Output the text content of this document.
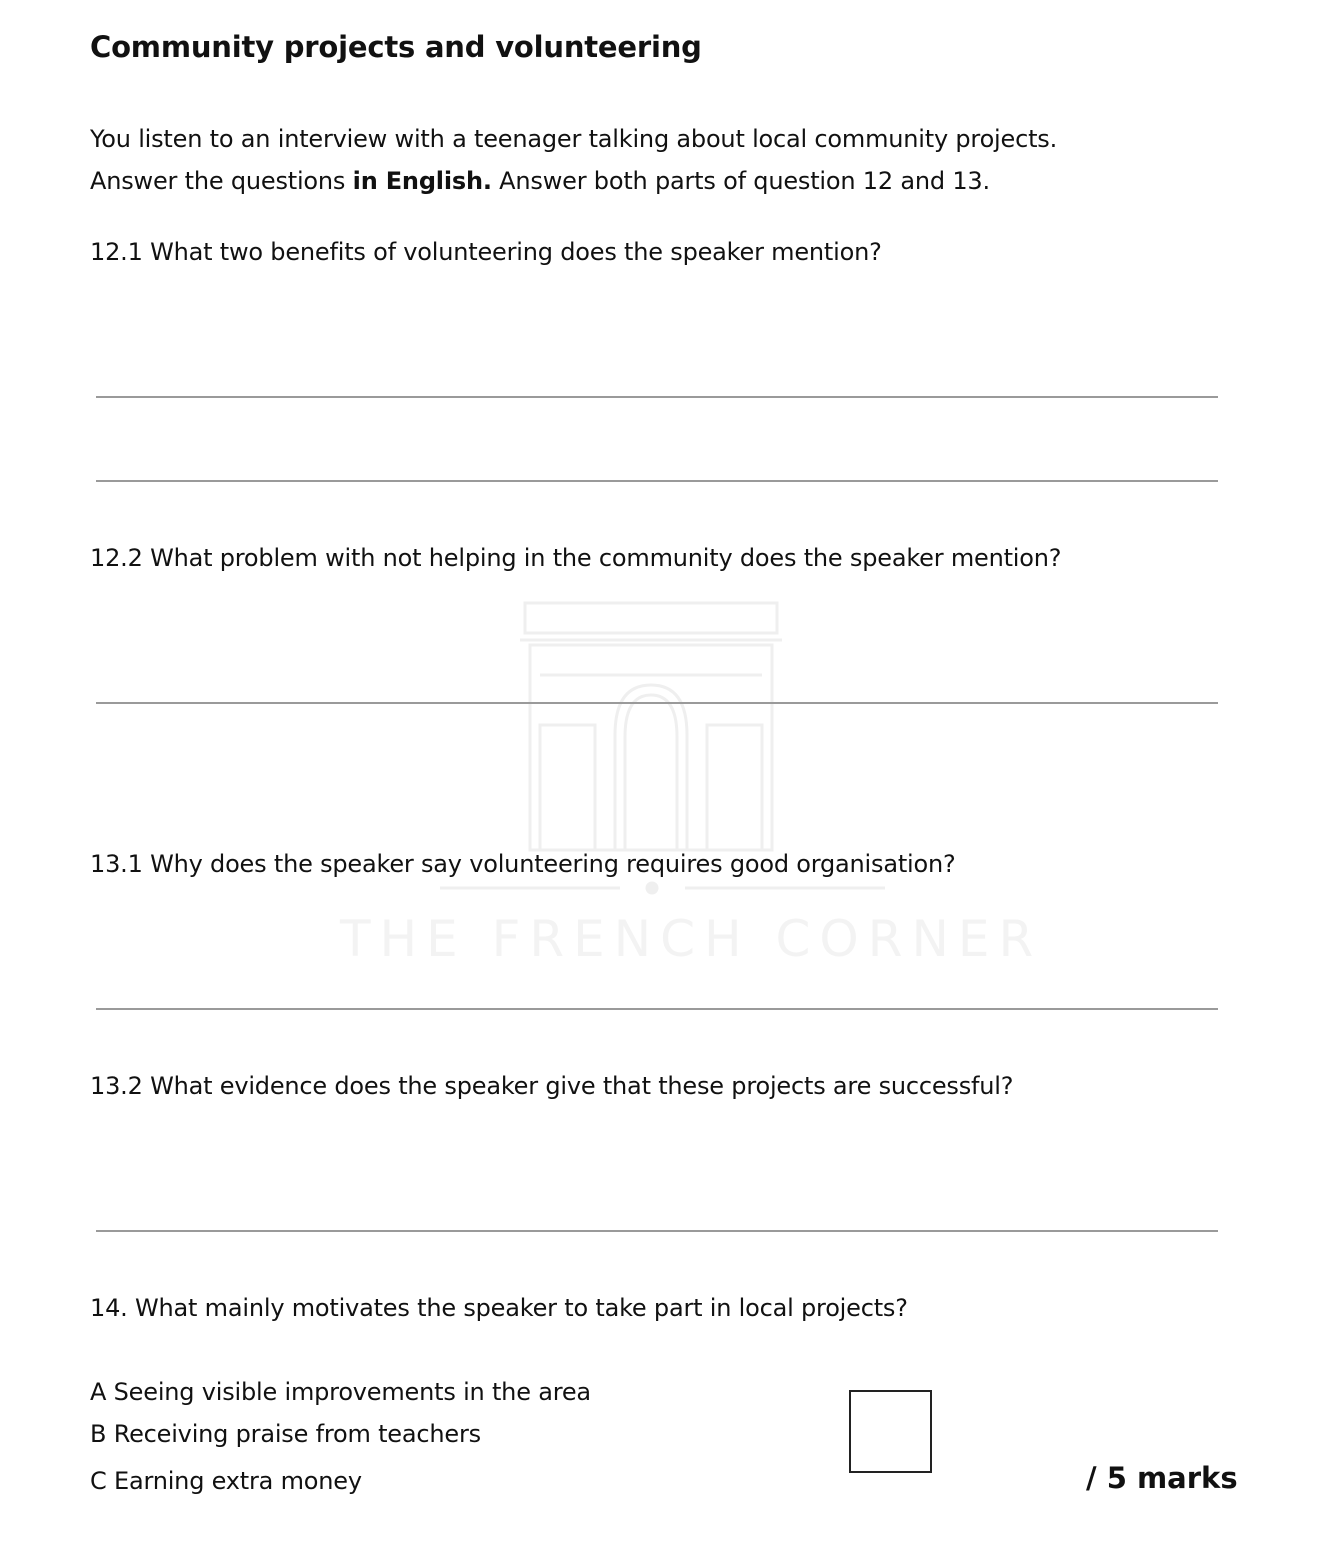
THE FRENCH CORNER
Community projects and volunteering
You listen to an interview with a teenager talking about local community projects.
Answer the questions in English. Answer both parts of question 12 and 13.
12.1 What two benefits of volunteering does the speaker mention?
12.2 What problem with not helping in the community does the speaker mention?
13.1 Why does the speaker say volunteering requires good organisation?
13.2 What evidence does the speaker give that these projects are successful?
14. What mainly motivates the speaker to take part in local projects?
A Seeing visible improvements in the area
B Receiving praise from teachers
C Earning extra money	/ 5 marks
